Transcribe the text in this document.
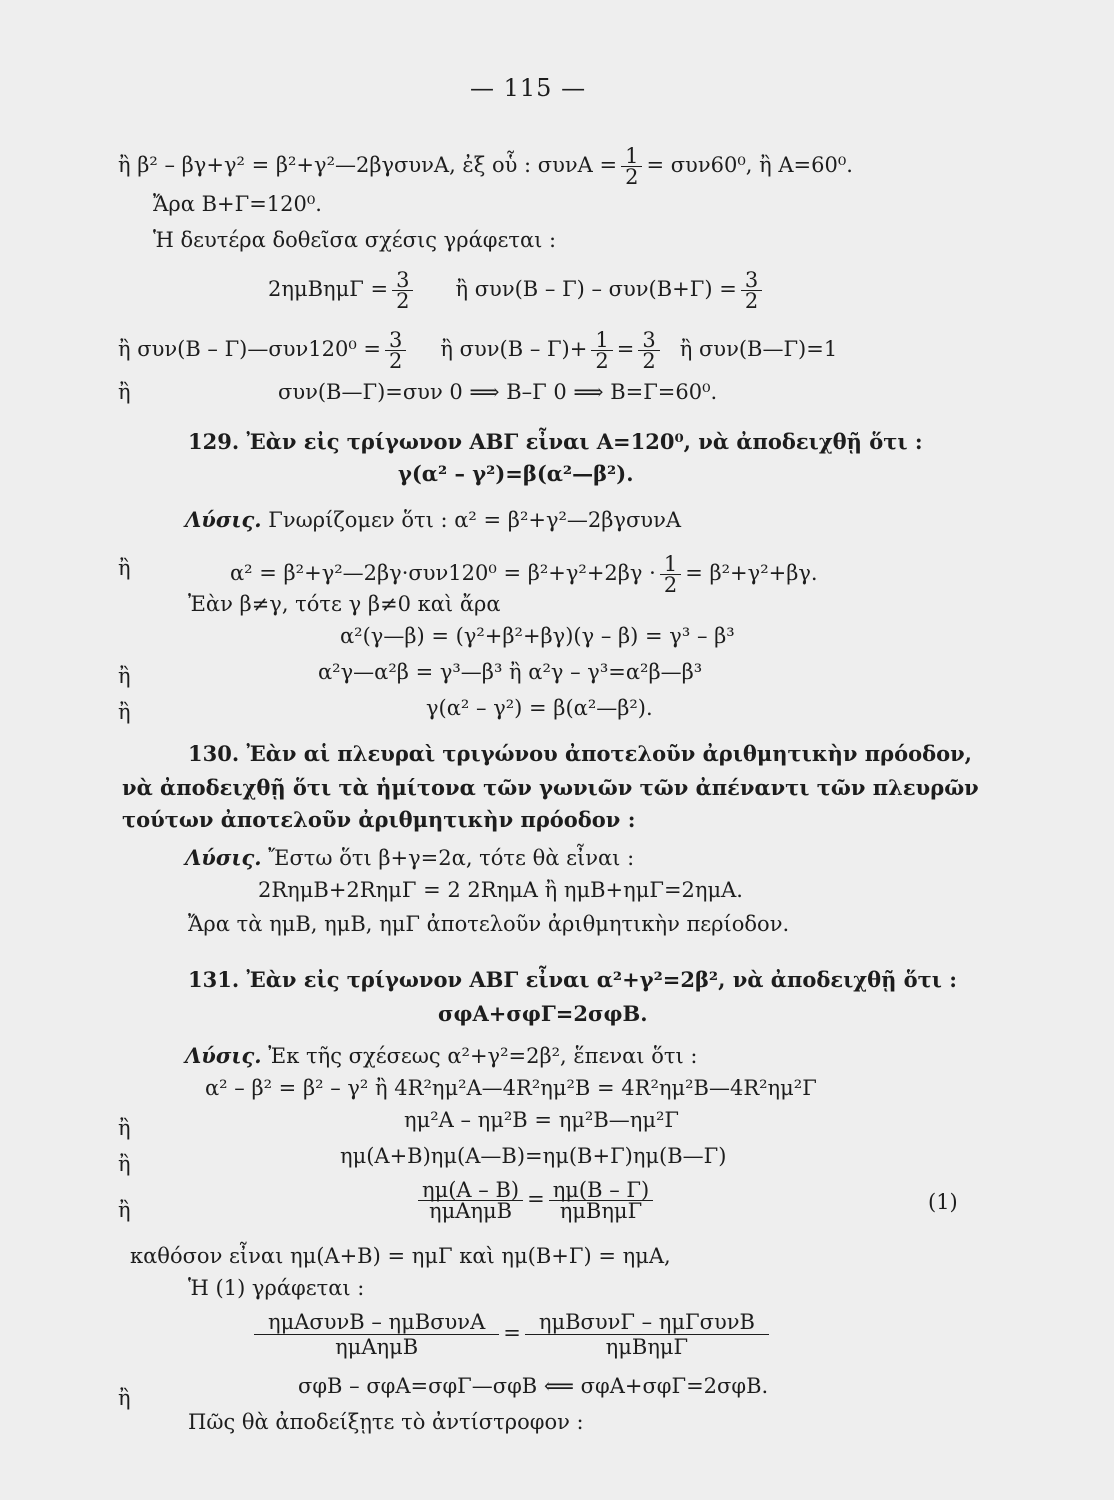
— 115 —
ἢ β² – βγ+γ² = β²+γ²—2βγσυνΑ, ἐξ οὗ : $\sigma\upsilon\nu A = \frac{1}{2} = \sigma\upsilon\nu 60^0$, ἢ Α=60⁰.
Ἄρα Β+Γ=120⁰.
Ἡ δευτέρα δοθεῖσα σχέσις γράφεται :
$2\eta\mu B\eta\mu\Gamma = \frac{3}{2}$ ἢ $\sigma\upsilon\nu(B - \Gamma) - \sigma\upsilon\nu(B+\Gamma) = \frac{3}{2}$
ἢ συν(Β – Γ)—συν120⁰ = $\frac{3}{2}$ ἢ $\sigma\upsilon\nu(B - \Gamma)+ \frac{1}{2} = \frac{3}{2}$ ἢ συν(Β—Γ)=1
ἢ	συν(Β—Γ)=συν 0 ⟹ Β–Γ 0 ⟹ Β=Γ=60⁰.
129. Ἐὰν εἰς τρίγωνον ΑΒΓ εἶναι Α=120⁰, νὰ ἀποδειχθῇ ὅτι :
γ(α² – γ²)=β(α²—β²).
Λύσις. Γνωρίζομεν ὅτι : α² = β²+γ²—2βγσυνΑ
ἢ	α² = β²+γ²—2βγ·συν120⁰ = $\beta^2+\gamma^2+2\beta\gamma \cdot \frac{1}{2} = \beta^2+\gamma^2+\beta\gamma$.
Ἐὰν β≠γ, τότε γ β≠0 καὶ ἄρα
α²(γ—β) = (γ²+β²+βγ)(γ – β) = γ³ – β³
ἢ	α²γ—α²β = γ³—β³ ἢ α²γ – γ³=α²β—β³
ἢ	γ(α² – γ²) = β(α²—β²).
130. Ἐὰν αἱ πλευραὶ τριγώνου ἀποτελοῦν ἀριθμητικὴν πρόοδον,
νὰ ἀποδειχθῇ ὅτι τὰ ἡμίτονα τῶν γωνιῶν τῶν ἀπέναντι τῶν πλευρῶν
τούτων ἀποτελοῦν ἀριθμητικὴν πρόοδον :
Λύσις. Ἔστω ὅτι β+γ=2α, τότε θὰ εἶναι :
2RημΒ+2RημΓ = 2 2RημΑ ἢ ημΒ+ημΓ=2ημΑ.
Ἄρα τὰ ημΒ, ημΒ, ημΓ ἀποτελοῦν ἀριθμητικὴν περίοδον.
131. Ἐὰν εἰς τρίγωνον ΑΒΓ εἶναι α²+γ²=2β², νὰ ἀποδειχθῇ ὅτι :
σφΑ+σφΓ=2σφΒ.
Λύσις. Ἐκ τῆς σχέσεως α²+γ²=2β², ἕπεναι ὅτι :
α² – β² = β² – γ² ἢ 4R²ημ²Α—4R²ημ²Β = 4R²ημ²Β—4R²ημ²Γ
ἢ	ημ²Α – ημ²Β = ημ²Β—ημ²Γ
ἢ	ημ(Α+Β)ημ(Α—Β)=ημ(Β+Γ)ημ(Β—Γ)
ἢ	$\frac{\eta\mu(A - B)}{\text{ημΑημΒ}} = \frac{\eta\mu(B - \Gamma)}{\text{ημΒημΓ}}$	(1)
καθόσον εἶναι ημ(Α+Β) = ημΓ καὶ ημ(Β+Γ) = ημΑ,
Ἡ (1) γράφεται :
$\frac{\text{ημΑσυνΒ – ημΒσυνΑ}}{\text{ημΑημΒ}} = \frac{\text{ημΒσυνΓ – ημΓσυνΒ}}{\text{ημΒημΓ}}$
ἢ	σφΒ – σφΑ=σφΓ—σφΒ ⟸ σφΑ+σφΓ=2σφΒ.
Πῶς θὰ ἀποδείξῃτε τὸ ἀντίστροφον :
